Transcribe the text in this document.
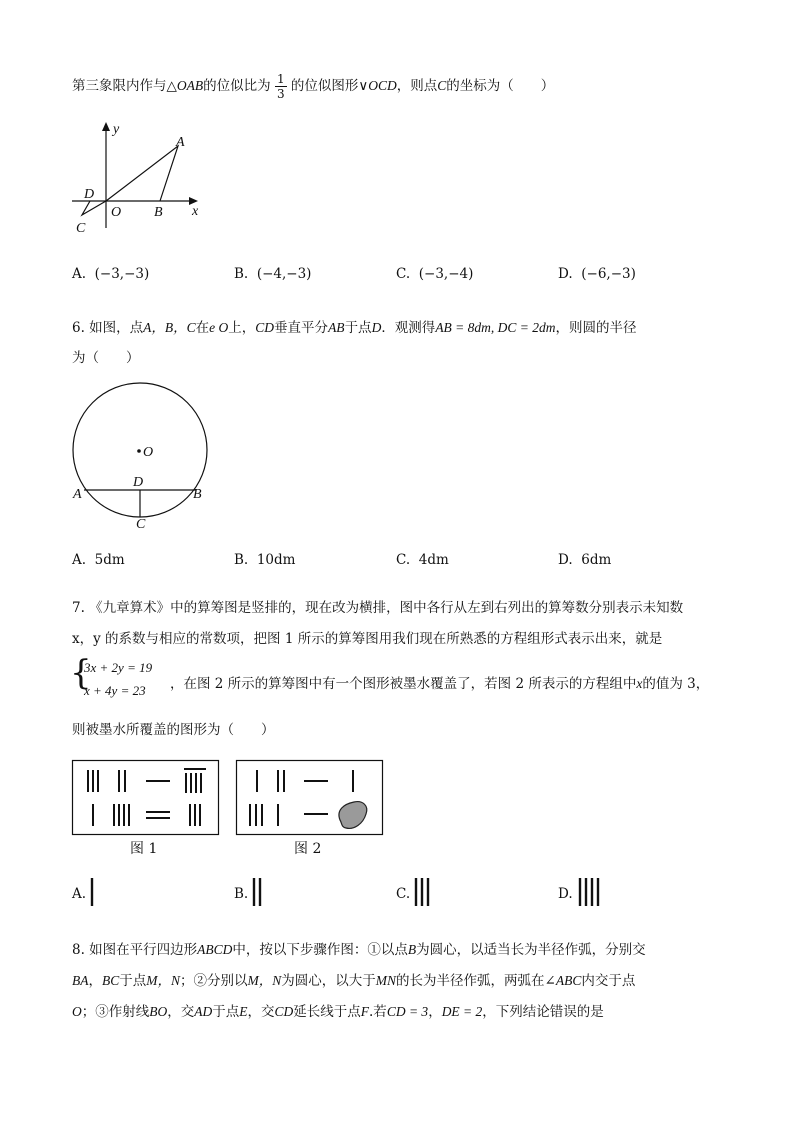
第三象限内作与△OAB的位似比为 $\frac{1}{3}$ 的位似图形∨OCD，则点C的坐标为（　　）
y
A
D
O B x
C
A. (−3,−3)	B. (−4,−3)	C. (−3,−4)	D. (−6,−3)
6. 如图，点A，B，C在e O上，CD垂直平分AB于点D．观测得AB = 8dm, DC = 2dm，则圆的半径
为（　　）
O
A	B
D
C
A. 5dm	B. 10dm	C. 4dm	D. 6dm
7. 《九章算术》中的算筹图是竖排的，现在改为横排，图中各行从左到右列出的算筹数分别表示未知数
x，y 的系数与相应的常数项，把图 1 所示的算筹图用我们现在所熟悉的方程组形式表示出来，就是
{
3x + 2y = 19
x + 4y = 23 ，在图 2 所示的算筹图中有一个图形被墨水覆盖了，若图 2 所表示的方程组中x的值为 3，
则被墨水所覆盖的图形为（　　）
图 1	图 2
A.	B.	C.	D.
8. 如图在平行四边形ABCD中，按以下步骤作图：①以点B为圆心，以适当长为半径作弧，分别交
BA，BC于点M，N；②分别以M，N为圆心，以大于MN的长为半径作弧，两弧在∠ABC内交于点
O；③作射线BO，交AD于点E，交CD延长线于点F.若CD = 3，DE = 2，下列结论错误的是
